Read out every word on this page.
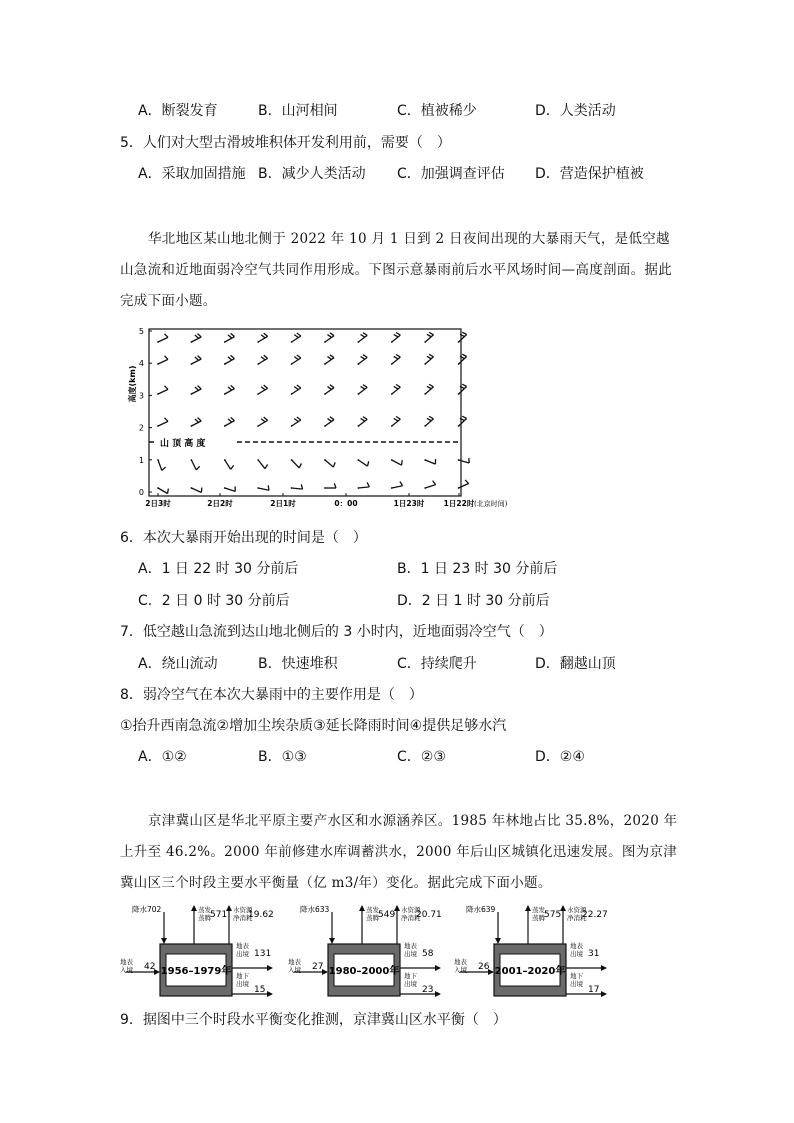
A．断裂发育	B．山河相间	C．植被稀少	D．人类活动
5．人们对大型古滑坡堆积体开发利用前，需要（　）
A．采取加固措施 B．减少人类活动 C．加强调查评估 D．营造保护植被
华北地区某山地北侧于 2022 年 10 月 1 日到 2 日夜间出现的大暴雨天气，是低空越山急流和近地面弱冷空气共同作用形成。下图示意暴雨前后水平风场时间—高度剖面。据此完成下面小题。
高度(km)
5
4
3
2
1
0
山 顶 高 度
2日3时	2日2时	2日1时	0：00	1日23时	1日22时 (北京时间)
6．本次大暴雨开始出现的时间是（　）
A．1 日 22 时 30 分前后	B．1 日 23 时 30 分前后
C．2 日 0 时 30 分前后	D．2 日 1 时 30 分前后
7．低空越山急流到达山地北侧后的 3 小时内，近地面弱冷空气（　）
A．绕山流动	B．快速堆积	C．持续爬升	D．翻越山顶
8．弱冷空气在本次大暴雨中的主要作用是（　）
①抬升西南急流②增加尘埃杂质③延长降雨时间④提供足够水汽
A．①②	B．①③	C．②③	D．②④
京津冀山区是华北平原主要产水区和水源涵养区。1985 年林地占比 35.8%，2020 年上升至 46.2%。2000 年前修建水库调蓄洪水，2000 年后山区城镇化迅速发展。图为京津冀山区三个时段主要水平衡量（亿 m3/年）变化。据此完成下面小题。
1956–1979年
降水702	蒸发
蒸腾 571 水资源
净消耗
19.62
地表
入境 42
地表
出境 131
地下
出境
15
1980–2000年
降水633	蒸发
蒸腾 549 水资源
净消耗
20.71
地表
入境 27
地表
出境 58
地下
出境
23
2001–2020年
降水639	蒸发
蒸腾 575 水资源
净消耗
22.27
地表
入境 26
地表
出境 31
地下
出境
17
9．据图中三个时段水平衡变化推测，京津冀山区水平衡（　）
